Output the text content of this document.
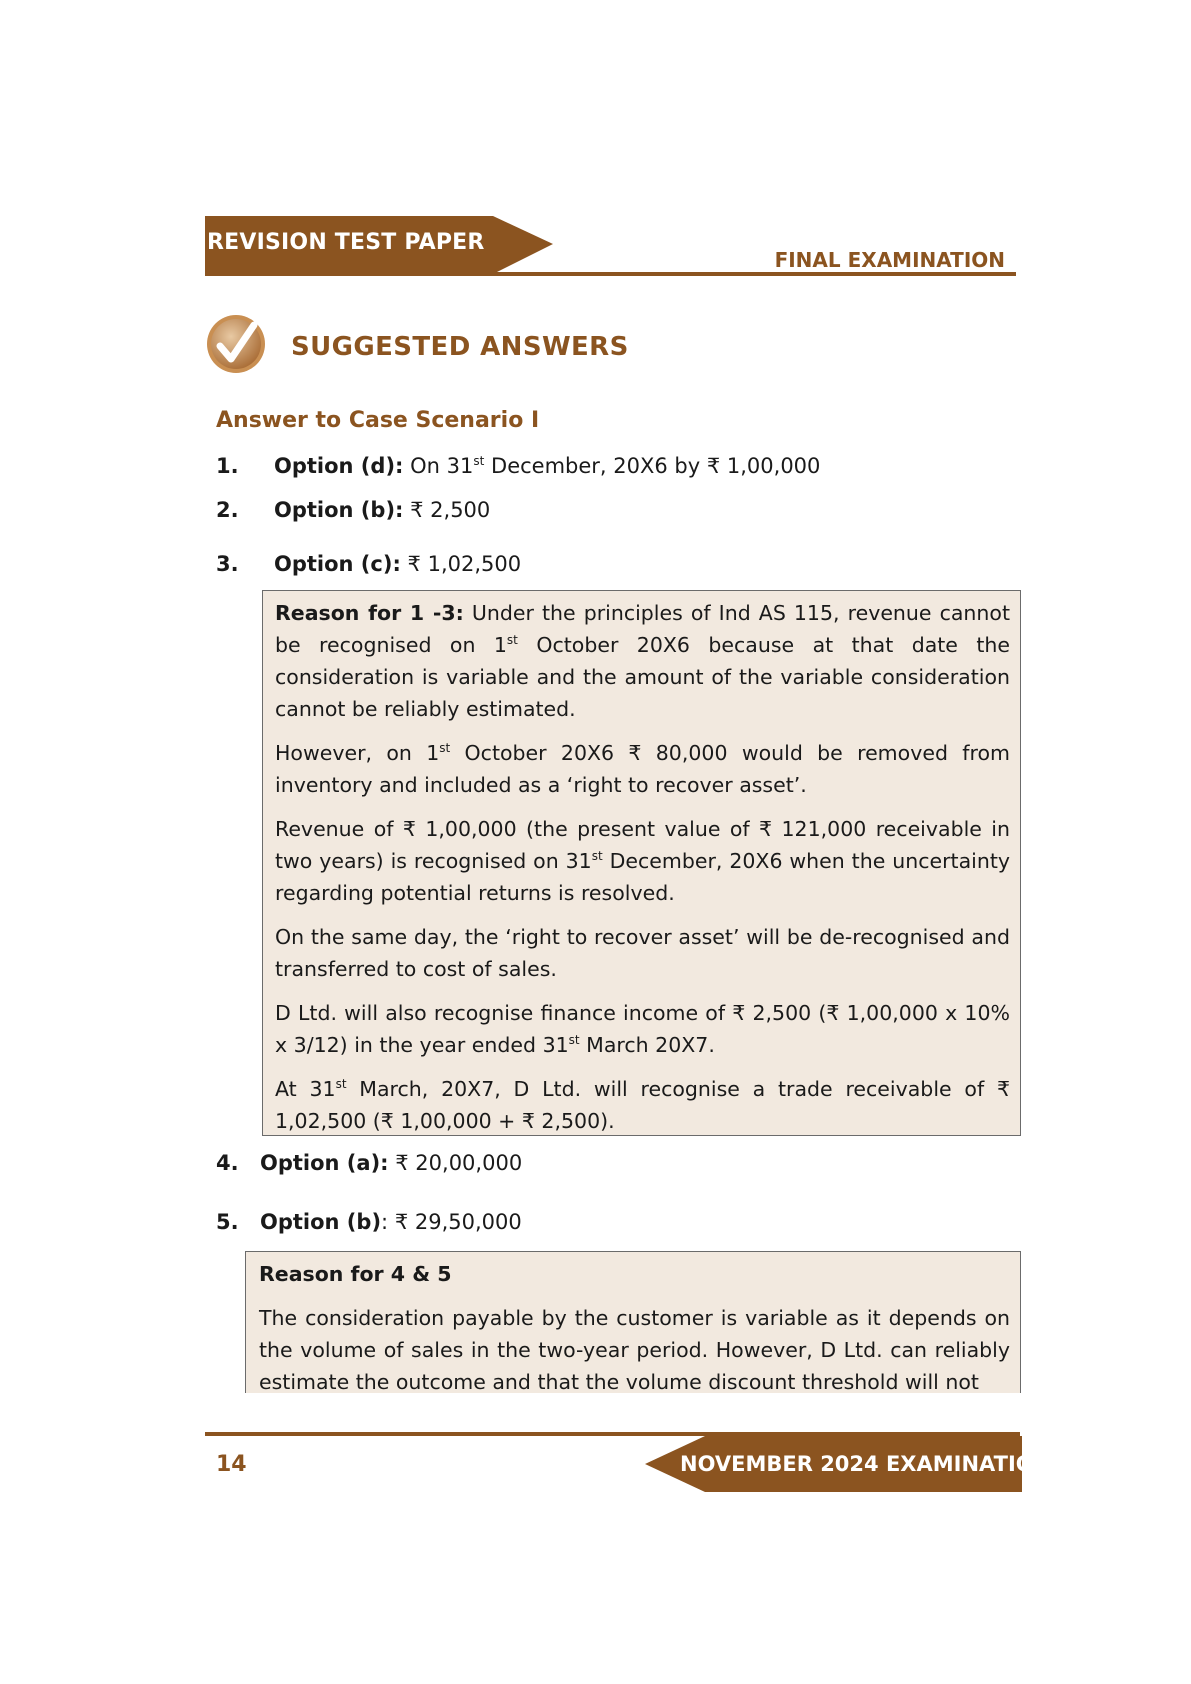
REVISION TEST PAPER
FINAL EXAMINATION
SUGGESTED ANSWERS
Answer to Case Scenario I
1. Option (d): On 31st December, 20X6 by ₹ 1,00,000
2. Option (b): ₹ 2,500
3. Option (c): ₹ 1,02,500

Reason for 1 -3: Under the principles of Ind AS 115, revenue cannot be recognised on 1st October 20X6 because at that date the consideration is variable and the amount of the variable consideration cannot be reliably estimated.

However, on 1st October 20X6 ₹ 80,000 would be removed from inventory and included as a ‘right to recover asset’.

Revenue of ₹ 1,00,000 (the present value of ₹ 121,000 receivable in two years) is recognised on 31st December, 20X6 when the uncertainty regarding potential returns is resolved.

On the same day, the ‘right to recover asset’ will be de-recognised and transferred to cost of sales.

D Ltd. will also recognise finance income of ₹ 2,500 (₹ 1,00,000 x 10% x 3/12) in the year ended 31st March 20X7.

At 31st March, 20X7, D Ltd. will recognise a trade receivable of ₹ 1,02,500 (₹ 1,00,000 + ₹ 2,500).

4. Option (a): ₹ 20,00,000
5. Option (b): ₹ 29,50,000

Reason for 4 & 5

The consideration payable by the customer is variable as it depends on the volume of sales in the two-year period. However, D Ltd. can reliably estimate the outcome and that the volume discount threshold will not

14	NOVEMBER 2024 EXAMINATION
